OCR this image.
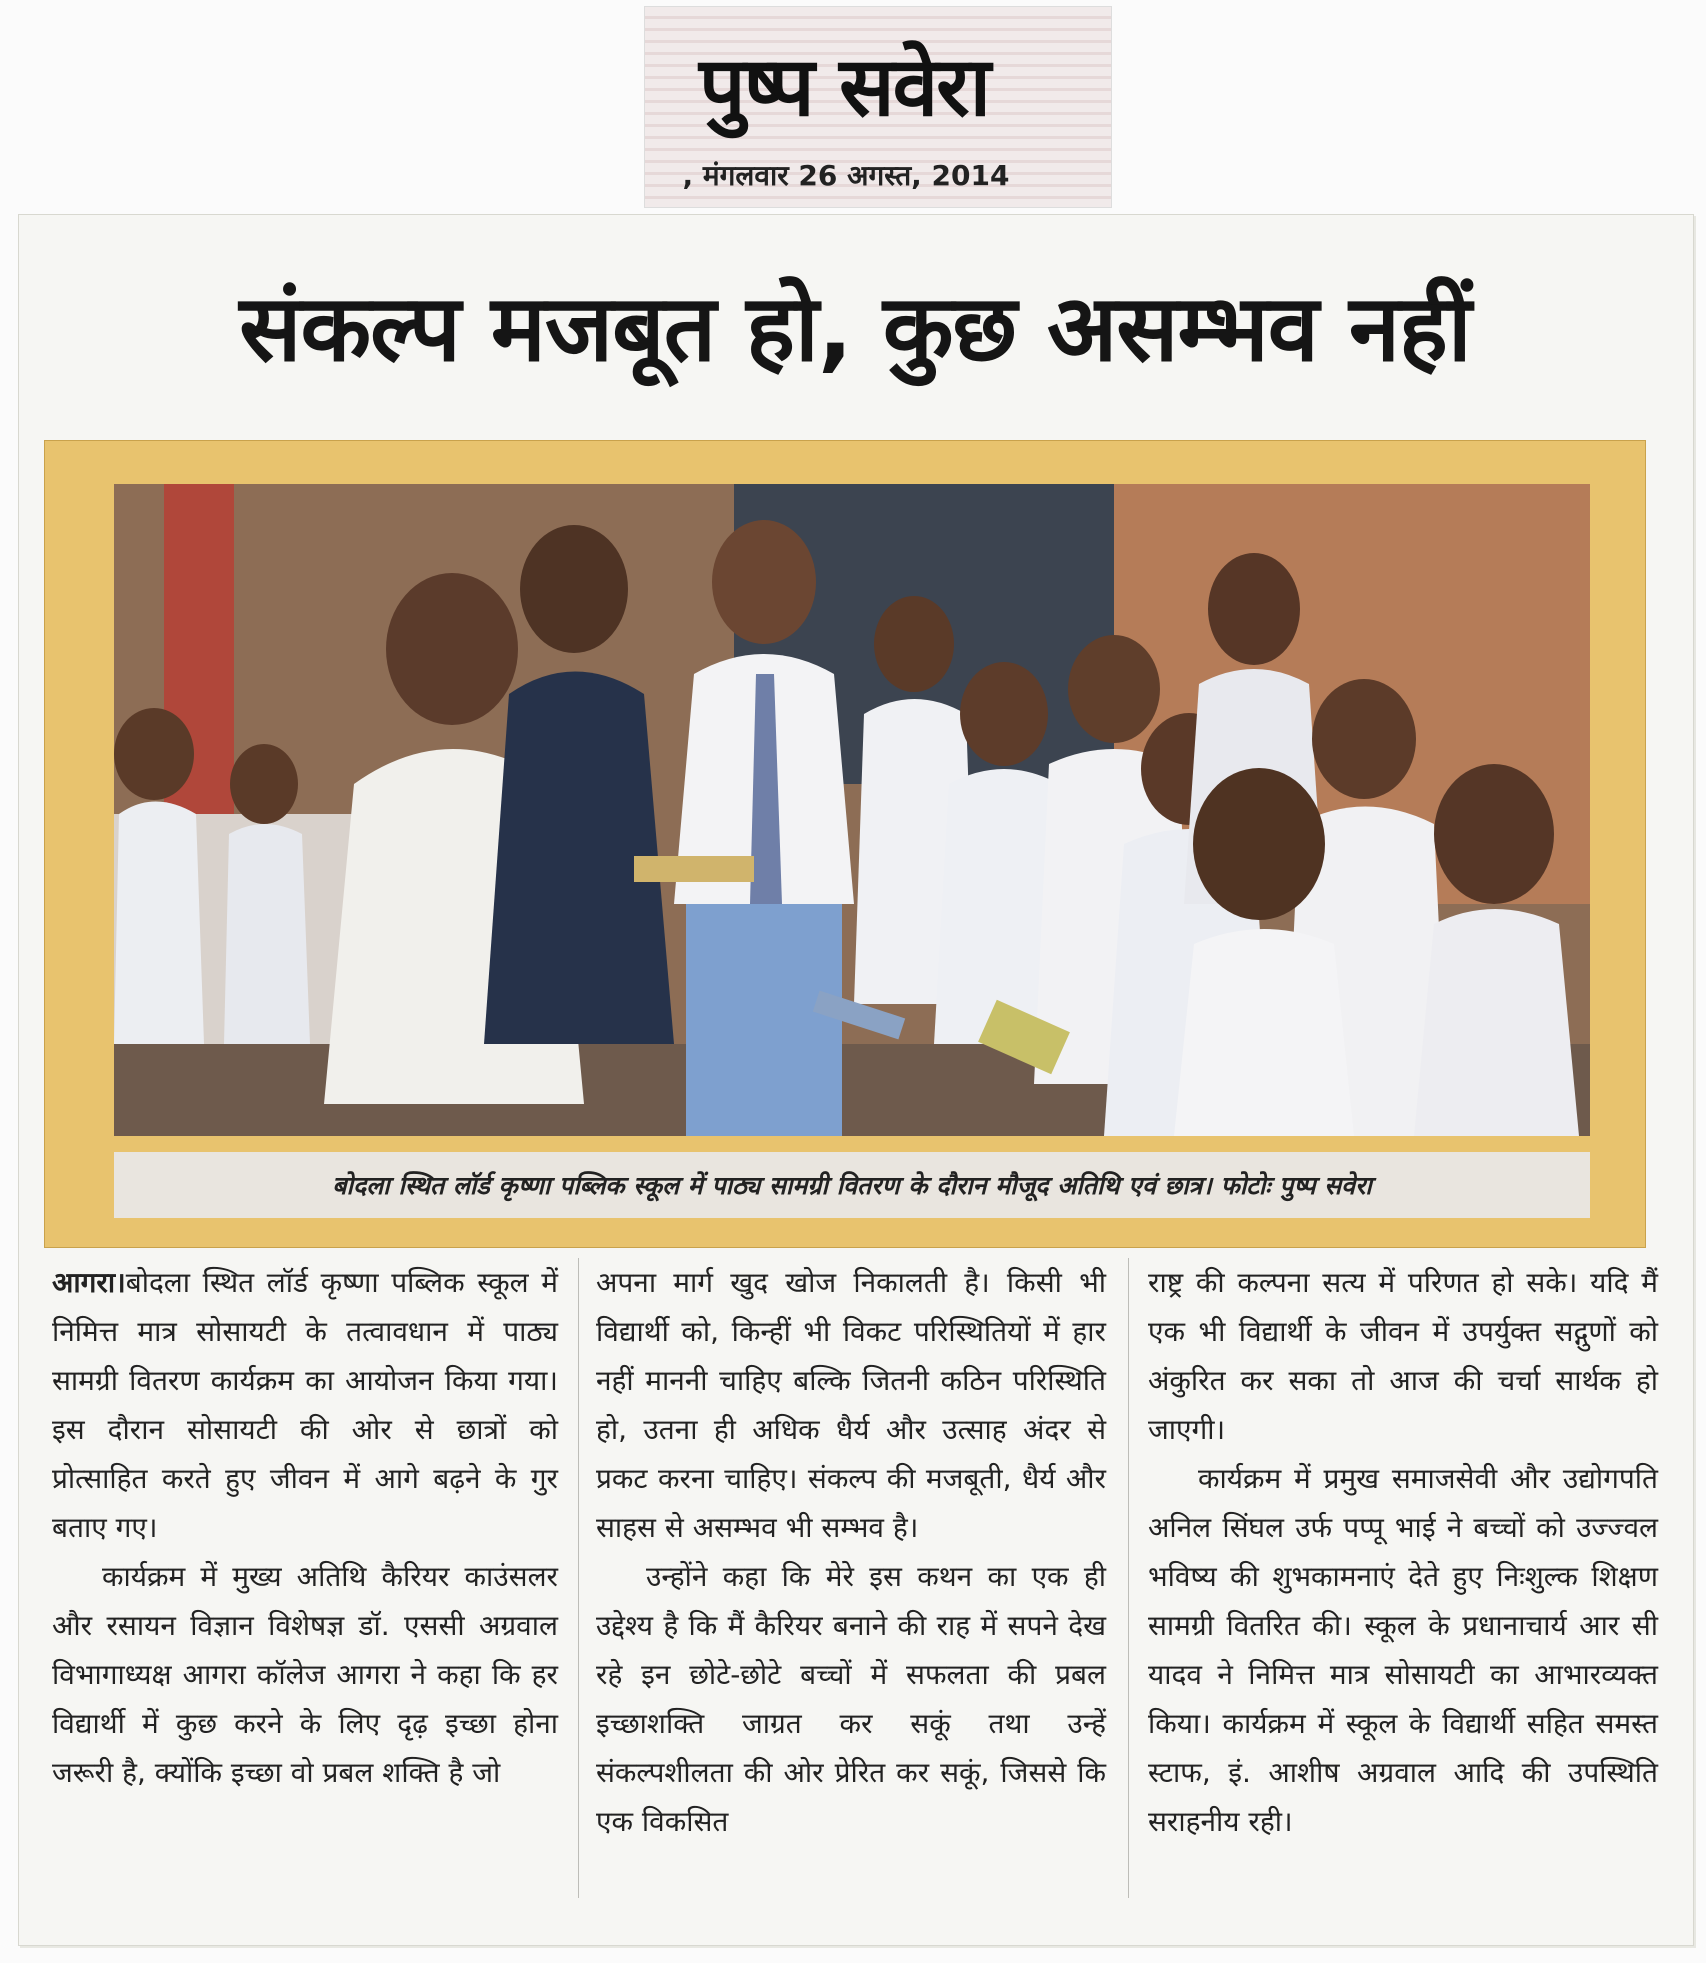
पुष्प सवेरा
, मंगलवार 26 अगस्त, 2014
संकल्प मजबूत हो, कुछ असम्भव नहीं
बोदला स्थित लॉर्ड कृष्णा पब्लिक स्कूल में पाठ्य सामग्री वितरण के दौरान मौजूद अतिथि एवं छात्र। फोटोः पुष्प सवेरा

आगरा।बोदला स्थित लॉर्ड कृष्णा पब्लिक स्कूल में निमित्त मात्र सोसायटी के तत्वावधान में पाठ्य सामग्री वितरण कार्यक्रम का आयोजन किया गया। इस दौरान सोसायटी की ओर से छात्रों को प्रोत्साहित करते हुए जीवन में आगे बढ़ने के गुर बताए गए।

कार्यक्रम में मुख्य अतिथि कैरियर काउंसलर और रसायन विज्ञान विशेषज्ञ डॉ. एससी अग्रवाल विभागाध्यक्ष आगरा कॉलेज आगरा ने कहा कि हर विद्यार्थी में कुछ करने के लिए दृढ़ इच्छा होना जरूरी है, क्योंकि इच्छा वो प्रबल शक्ति है जो

अपना मार्ग खुद खोज निकालती है। किसी भी विद्यार्थी को, किन्हीं भी विकट परिस्थितियों में हार नहीं माननी चाहिए बल्कि जितनी कठिन परिस्थिति हो, उतना ही अधिक धैर्य और उत्साह अंदर से प्रकट करना चाहिए। संकल्प की मजबूती, धैर्य और साहस से असम्भव भी सम्भव है।

उन्होंने कहा कि मेरे इस कथन का एक ही उद्देश्य है कि मैं कैरियर बनाने की राह में सपने देख रहे इन छोटे-छोटे बच्चों में सफलता की प्रबल इच्छाशक्ति जाग्रत कर सकूं तथा उन्हें संकल्पशीलता की ओर प्रेरित कर सकूं, जिससे कि एक विकसित

राष्ट्र की कल्पना सत्य में परिणत हो सके। यदि मैं एक भी विद्यार्थी के जीवन में उपर्युक्त सद्गुणों को अंकुरित कर सका तो आज की चर्चा सार्थक हो जाएगी।

कार्यक्रम में प्रमुख समाजसेवी और उद्योगपति अनिल सिंघल उर्फ पप्पू भाई ने बच्चों को उज्ज्वल भविष्य की शुभकामनाएं देते हुए निःशुल्क शिक्षण सामग्री वितरित की। स्कूल के प्रधानाचार्य आर सी यादव ने निमित्त मात्र सोसायटी का आभारव्यक्त किया। कार्यक्रम में स्कूल के विद्यार्थी सहित समस्त स्टाफ, इं. आशीष अग्रवाल आदि की उपस्थिति सराहनीय रही।
